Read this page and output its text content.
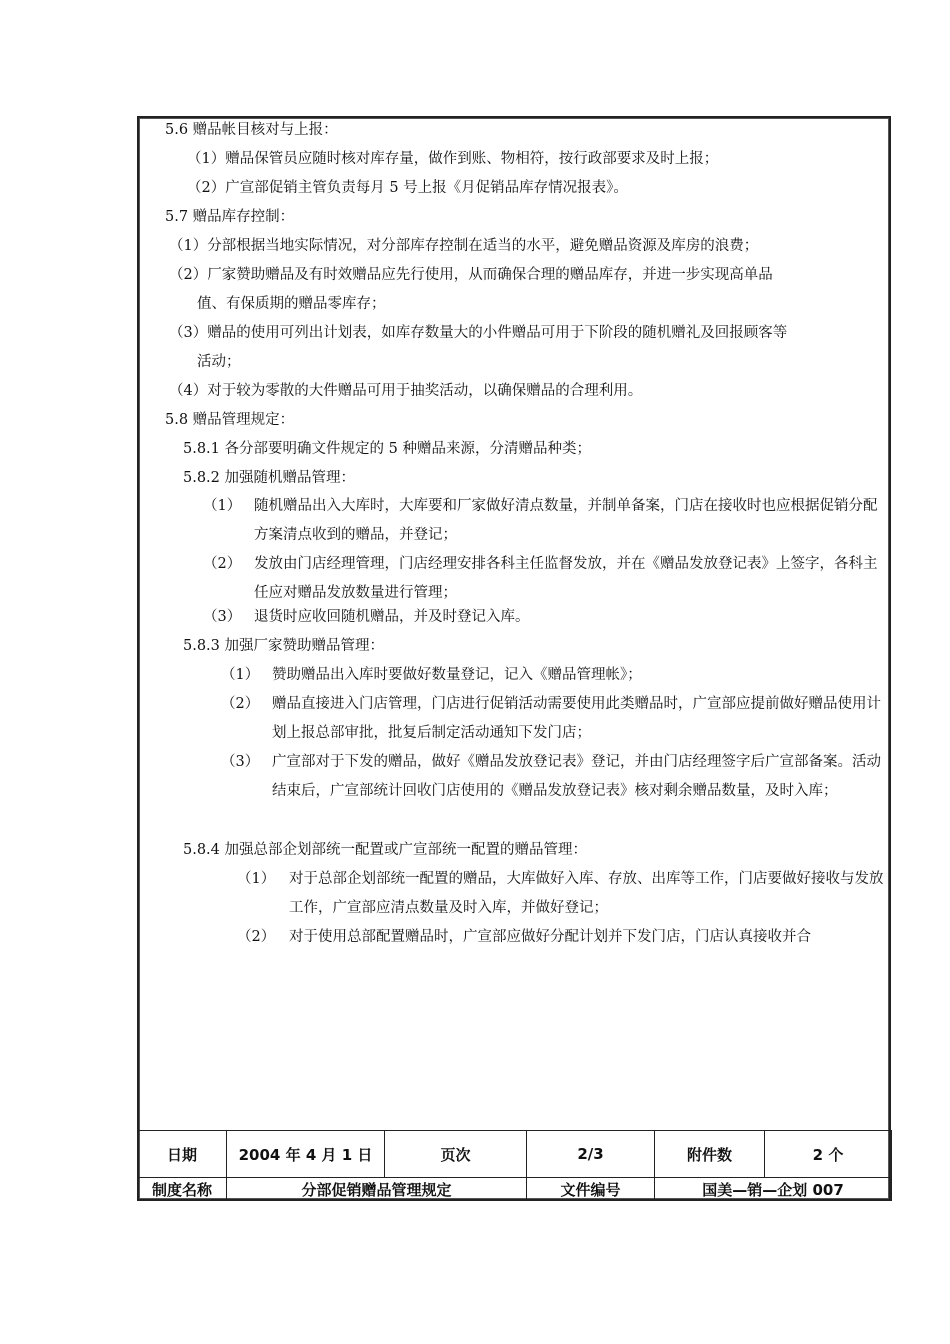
5.6 赠品帐目核对与上报：
（1）赠品保管员应随时核对库存量，做作到账、物相符，按行政部要求及时上报；
（2）广宣部促销主管负责每月 5 号上报《月促销品库存情况报表》。
5.7 赠品库存控制：
（1）分部根据当地实际情况，对分部库存控制在适当的水平，避免赠品资源及库房的浪费；
（2）厂家赞助赠品及有时效赠品应先行使用，从而确保合理的赠品库存，并进一步实现高单品
值、有保质期的赠品零库存；
（3）赠品的使用可列出计划表，如库存数量大的小件赠品可用于下阶段的随机赠礼及回报顾客等
活动；
（4）对于较为零散的大件赠品可用于抽奖活动，以确保赠品的合理利用。
5.8 赠品管理规定：
5.8.1 各分部要明确文件规定的 5 种赠品来源，分清赠品种类；
5.8.2 加强随机赠品管理：
（1） 随机赠品出入大库时，大库要和厂家做好清点数量，并制单备案，门店在接收时也应根据促销分配方案清点收到的赠品，并登记；
（2） 发放由门店经理管理，门店经理安排各科主任监督发放，并在《赠品发放登记表》上签字，各科主任应对赠品发放数量进行管理；
（3） 退货时应收回随机赠品，并及时登记入库。
5.8.3 加强厂家赞助赠品管理：
（1） 赞助赠品出入库时要做好数量登记，记入《赠品管理帐》；
（2） 赠品直接进入门店管理，门店进行促销活动需要使用此类赠品时，广宣部应提前做好赠品使用计划上报总部审批，批复后制定活动通知下发门店；
（3） 广宣部对于下发的赠品，做好《赠品发放登记表》登记，并由门店经理签字后广宣部备案。活动结束后，广宣部统计回收门店使用的《赠品发放登记表》核对剩余赠品数量，及时入库；
5.8.4 加强总部企划部统一配置或广宣部统一配置的赠品管理：
（1） 对于总部企划部统一配置的赠品，大库做好入库、存放、出库等工作，门店要做好接收与发放工作，广宣部应清点数量及时入库，并做好登记；
（2） 对于使用总部配置赠品时，广宣部应做好分配计划并下发门店，门店认真接收并合
日期	2004 年 4 月 1 日	页次	2/3	附件数	2 个
制度名称	分部促销赠品管理规定		文件编号	国美—销—企划 007	
